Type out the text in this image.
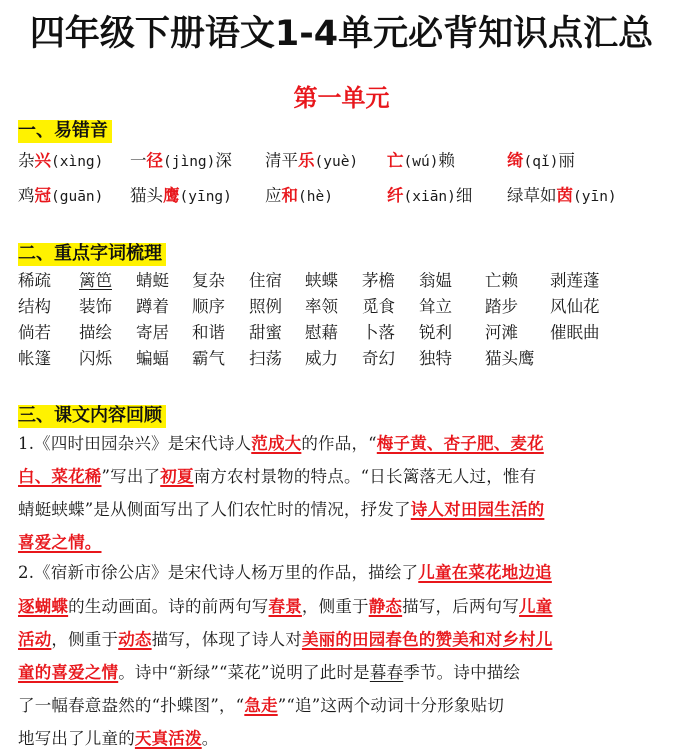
四年级下册语文1-4单元必背知识点汇总
第一单元
一、易错音
二、重点字词梳理
三、课文内容回顾
杂兴(xìng) 一径(jìng)深 清平乐(yuè) 亡(wú)赖	绮(qǐ)丽
鸡冠(guān) 猫头鹰(yīng) 应和(hè)	纤(xiān)细 绿草如茵(yīn)
稀疏 篱笆 蜻蜓 复杂 住宿 蛱蝶 茅檐 翁媪 亡赖 剥莲蓬
结构 装饰 蹲着 顺序 照例 率领 觅食 耸立 踏步 风仙花
倘若 描绘 寄居 和谐 甜蜜 慰藉 卜落 锐利 河滩 催眠曲
帐篷 闪烁 蝙蝠 霸气 扫荡 威力 奇幻 独特 猫头鹰
1.《四时田园杂兴》是宋代诗人范成大的作品，“梅子黄、杏子肥、麦花
白、菜花稀”写出了初夏南方农村景物的特点。“日长篱落无人过，惟有
蜻蜓蛱蝶”是从侧面写出了人们农忙时的情况，抒发了诗人对田园生活的
喜爱之情。
2.《宿新市徐公店》是宋代诗人杨万里的作品，描绘了儿童在菜花地边追
逐蝴蝶的生动画面。诗的前两句写春景，侧重于静态描写，后两句写儿童
活动，侧重于动态描写，体现了诗人对美丽的田园春色的赞美和对乡村儿
童的喜爱之情。诗中“新绿”“菜花”说明了此时是暮春季节。诗中描绘
了一幅春意盎然的“扑蝶图”，“急走”“追”这两个动词十分形象贴切
地写出了儿童的天真活泼。
